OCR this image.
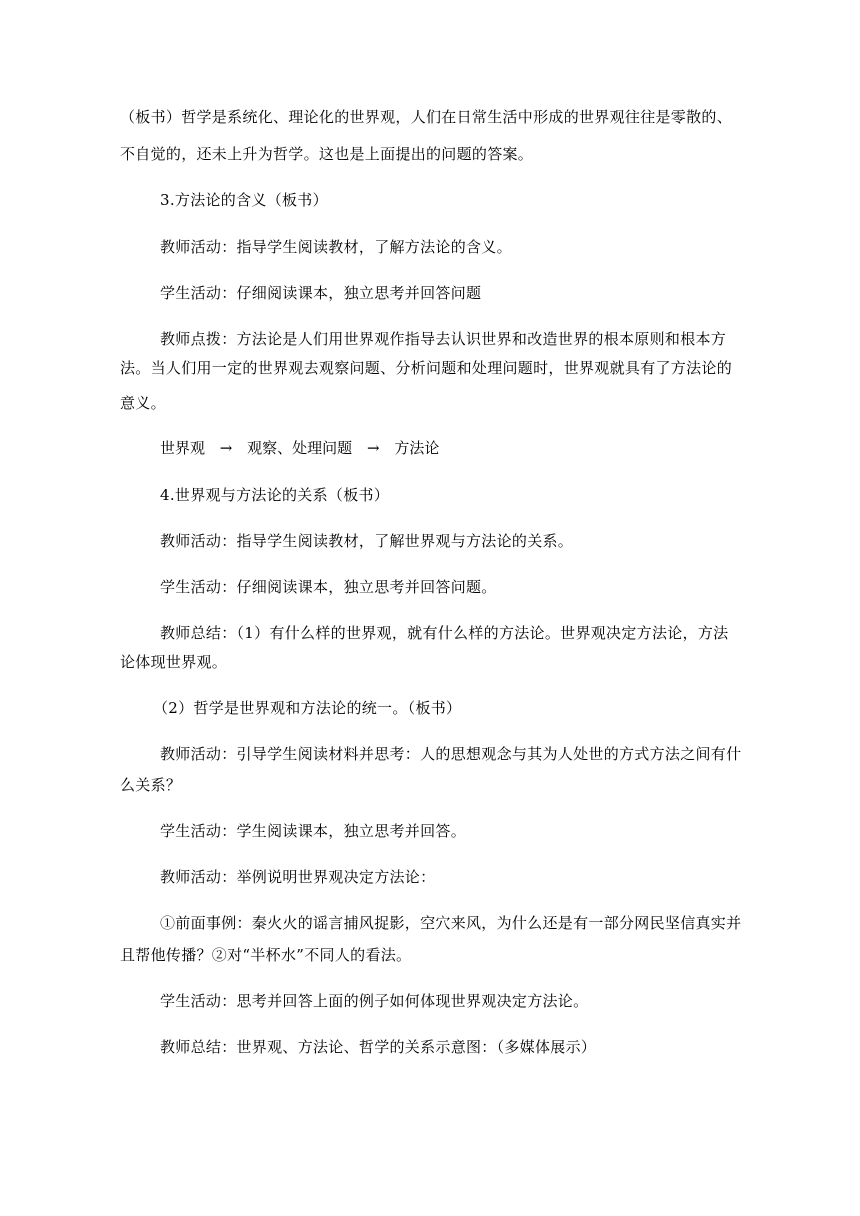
（板书）哲学是系统化、理论化的世界观，人们在日常生活中形成的世界观往往是零散的、
不自觉的，还未上升为哲学。这也是上面提出的问题的答案。
3.方法论的含义（板书）
教师活动：指导学生阅读教材，了解方法论的含义。
学生活动：仔细阅读课本，独立思考并回答问题
教师点拨：方法论是人们用世界观作指导去认识世界和改造世界的根本原则和根本方
法。当人们用一定的世界观去观察问题、分析问题和处理问题时，世界观就具有了方法论的
意义。
世界观 → 观察、处理问题 → 方法论
4.世界观与方法论的关系（板书）
教师活动：指导学生阅读教材，了解世界观与方法论的关系。
学生活动：仔细阅读课本，独立思考并回答问题。
教师总结：（1）有什么样的世界观，就有什么样的方法论。世界观决定方法论，方法
论体现世界观。
（2）哲学是世界观和方法论的统一。（板书）
教师活动：引导学生阅读材料并思考：人的思想观念与其为人处世的方式方法之间有什
么关系？
学生活动：学生阅读课本，独立思考并回答。
教师活动：举例说明世界观决定方法论：
①前面事例：秦火火的谣言捕风捉影，空穴来风，为什么还是有一部分网民坚信真实并
且帮他传播？②对“半杯水”不同人的看法。
学生活动：思考并回答上面的例子如何体现世界观决定方法论。
教师总结：世界观、方法论、哲学的关系示意图：（多媒体展示）
